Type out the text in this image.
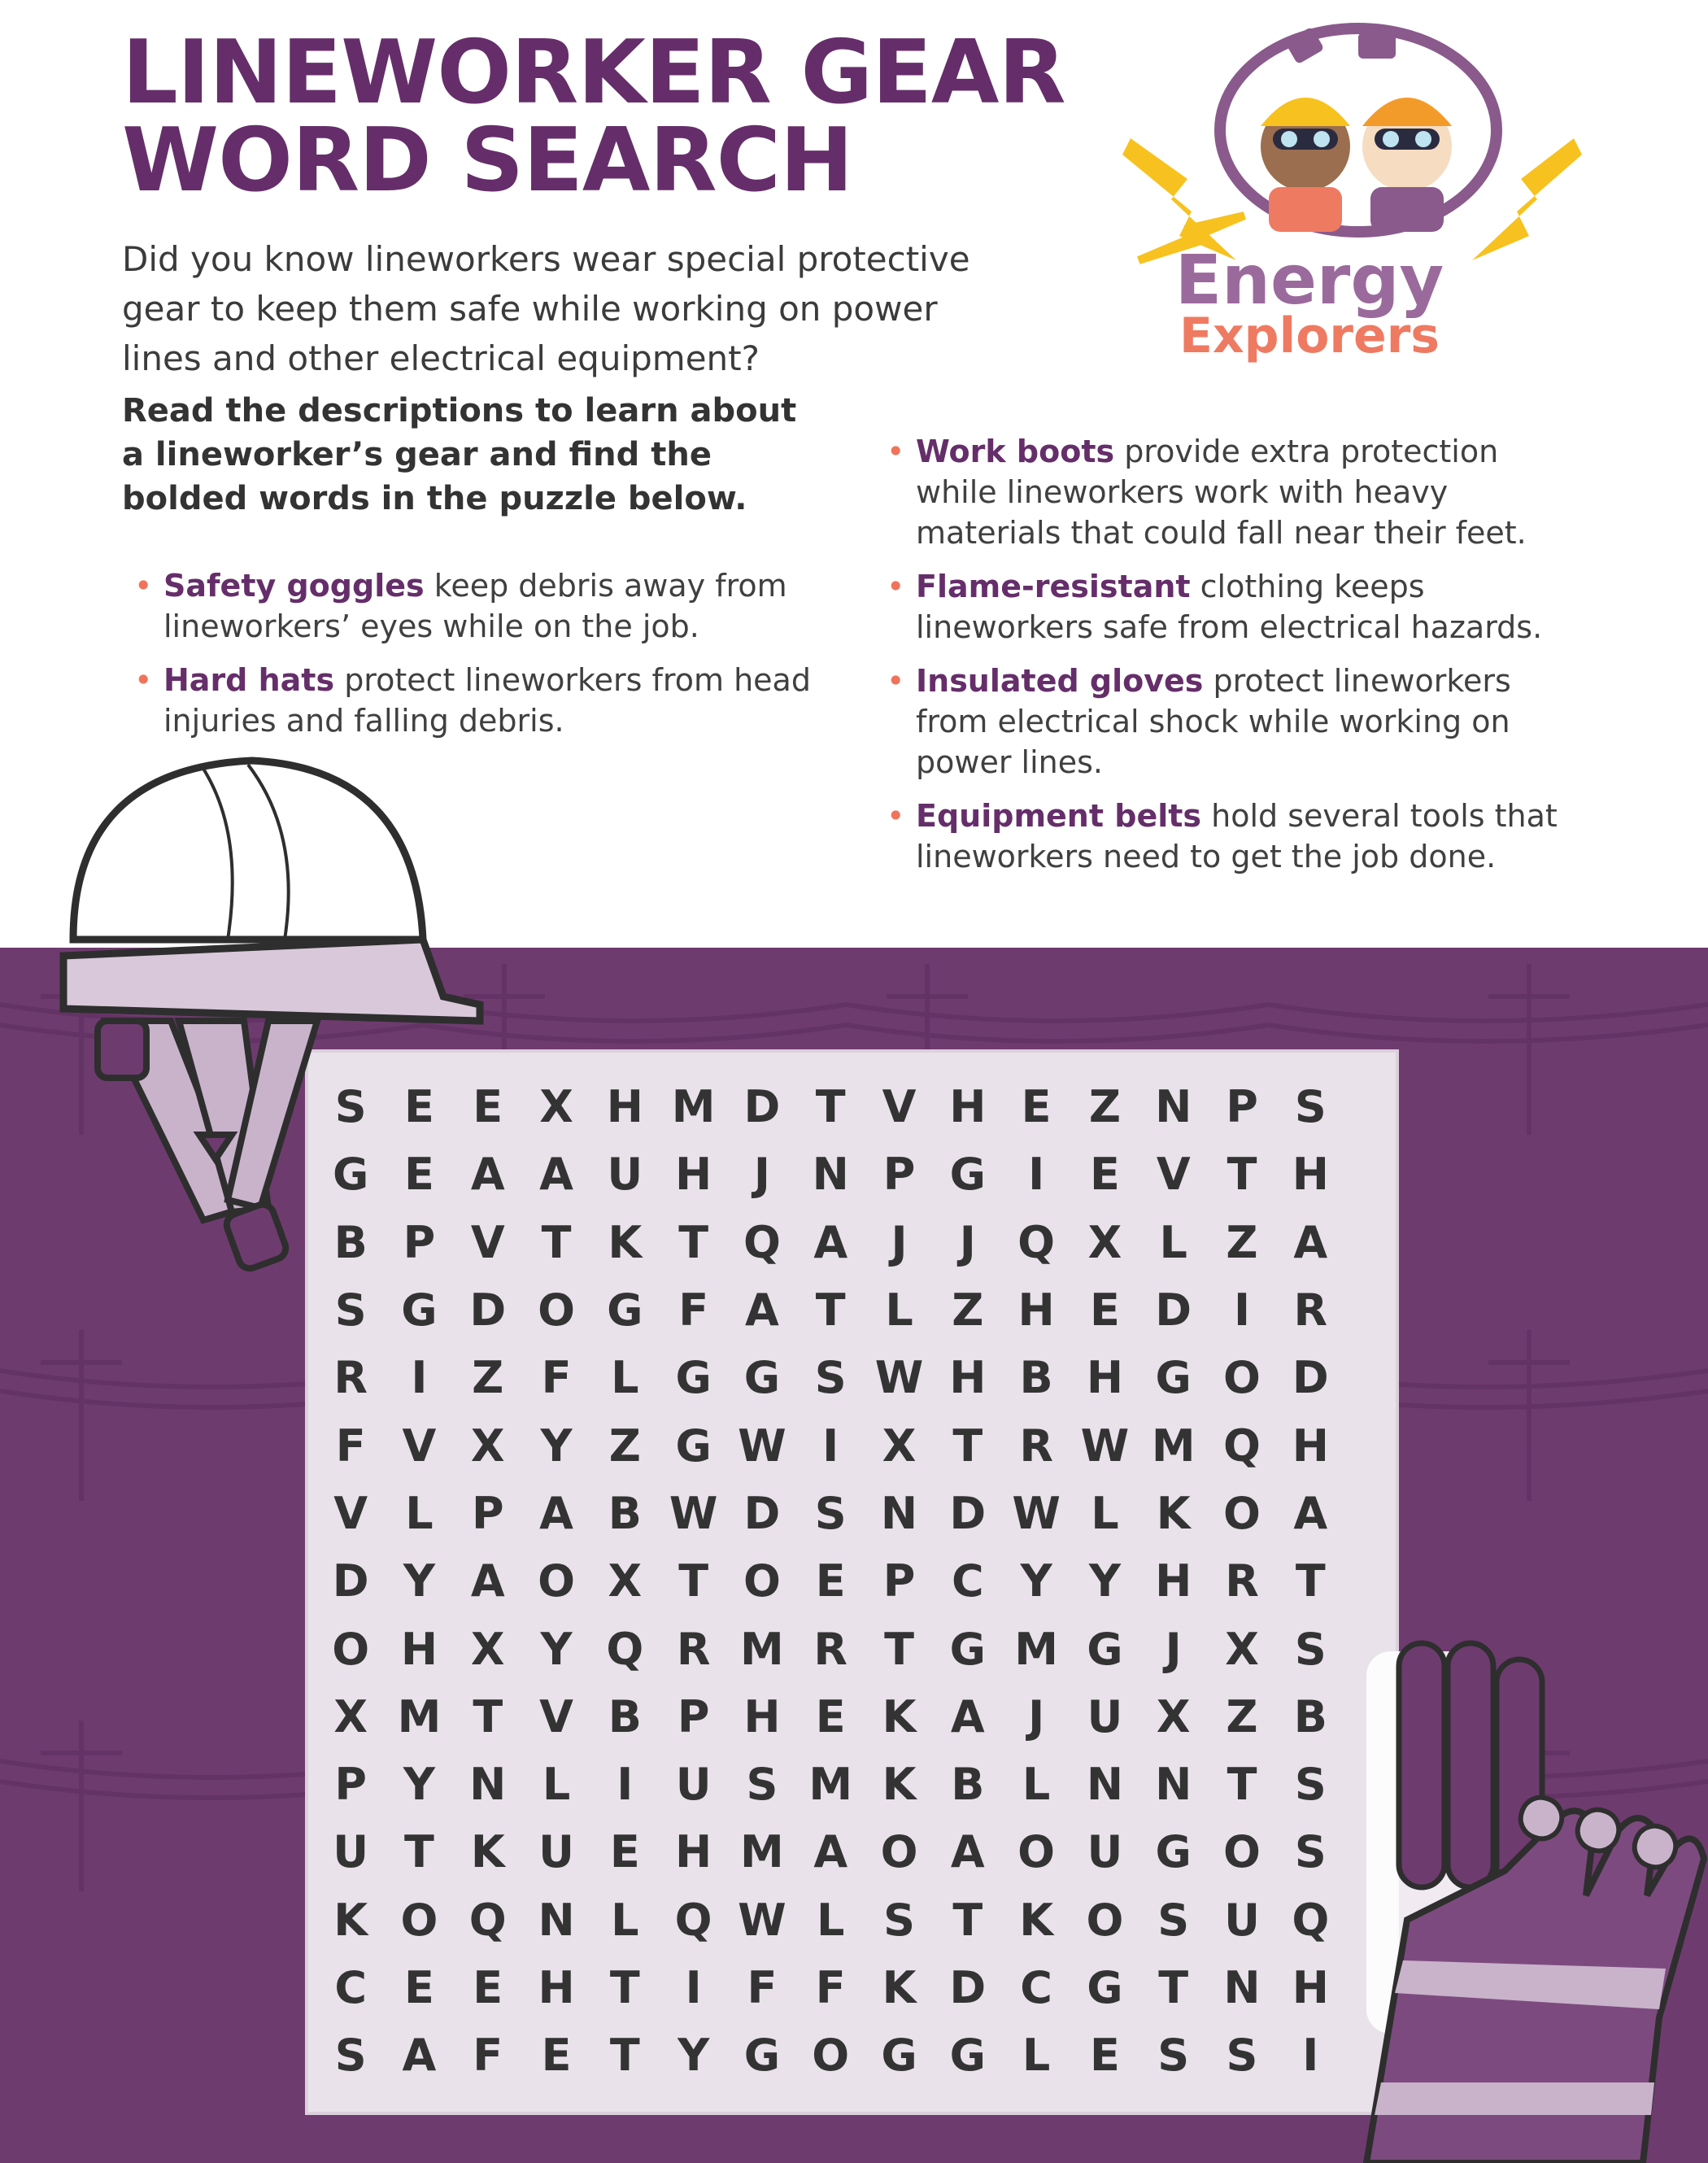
LINEWORKER GEAR
WORD SEARCH

Did you know lineworkers wear special protective
gear to keep them safe while working on power
lines and other electrical equipment?

Read the descriptions to learn about
a lineworker’s gear and find the
bolded words in the puzzle below.

Energy
Explorers

• Safety goggles keep debris away from
lineworkers’ eyes while on the job.
• Hard hats protect lineworkers from head
injuries and falling debris.
• Work boots provide extra protection
while lineworkers work with heavy
materials that could fall near their feet.
• Flame-resistant clothing keeps
lineworkers safe from electrical hazards.
• Insulated gloves protect lineworkers
from electrical shock while working on
power lines.
• Equipment belts hold several tools that
lineworkers need to get the job done.
S E E X H M D T V H E Z N P S
G E A A U H J N P G I	E V T H
B P V T K T Q A J	J Q X L Z A
S G D O G F A T L Z H E D I R
R I	Z F L G G S W H B H G O D
F V X Y Z G W I X T R W M Q H
V L P A B W D S N D W L K O A
D Y A O X T O E P C Y Y H R T
O H X Y Q R M R T G M G J X S
X M T V B P H E K A J U X Z B
P Y N L	I U S M K B L N N T S
U T K U E H M A O A O U G O S
K O Q N L Q W L S T K O S U Q
C E E H T	I	F F K D C G T N H
S A F E T Y G O G G L E S S	I
